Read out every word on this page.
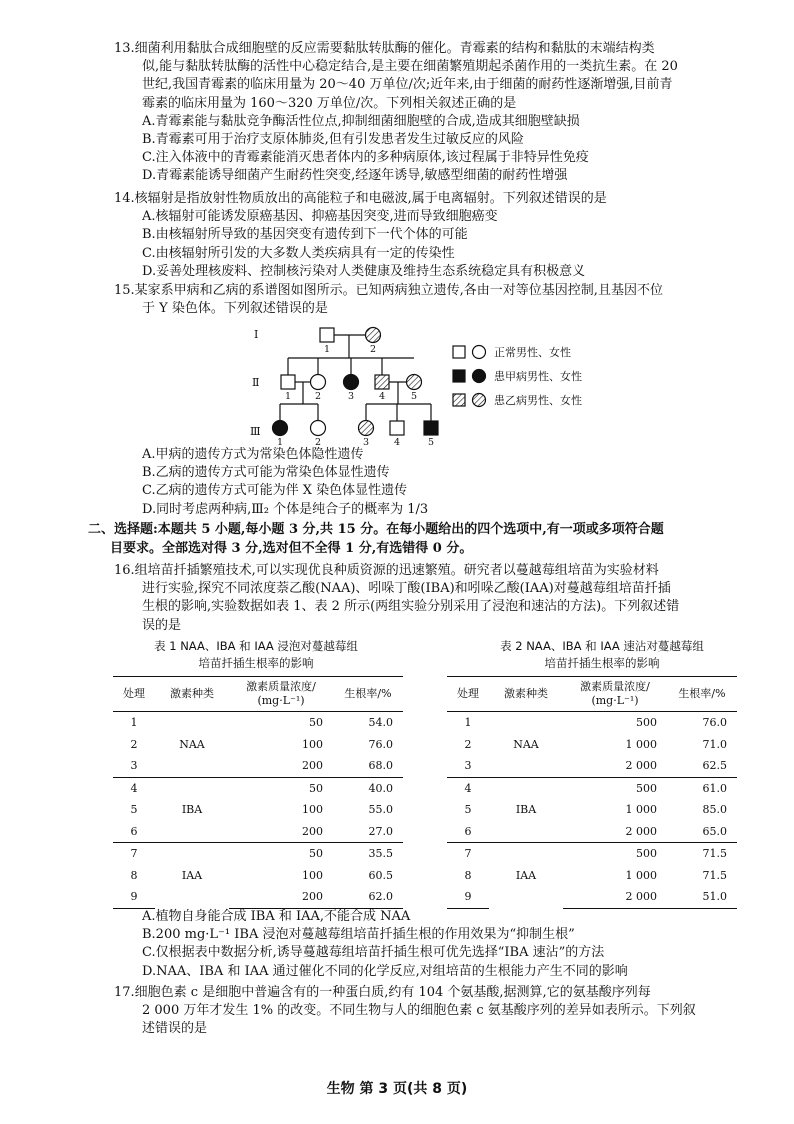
13.细菌利用黏肽合成细胞壁的反应需要黏肽转肽酶的催化。青霉素的结构和黏肽的末端结构类

似,能与黏肽转肽酶的活性中心稳定结合,是主要在细菌繁殖期起杀菌作用的一类抗生素。在 20

世纪,我国青霉素的临床用量为 20～40 万单位/次;近年来,由于细菌的耐药性逐渐增强,目前青

霉素的临床用量为 160～320 万单位/次。下列相关叙述正确的是

A.青霉素能与黏肽竞争酶活性位点,抑制细菌细胞壁的合成,造成其细胞壁缺损

B.青霉素可用于治疗支原体肺炎,但有引发患者发生过敏反应的风险

C.注入体液中的青霉素能消灭患者体内的多种病原体,该过程属于非特异性免疫

D.青霉素能诱导细菌产生耐药性突变,经逐年诱导,敏感型细菌的耐药性增强

14.核辐射是指放射性物质放出的高能粒子和电磁波,属于电离辐射。下列叙述错误的是

A.核辐射可能诱发原癌基因、抑癌基因突变,进而导致细胞癌变

B.由核辐射所导致的基因突变有遗传到下一代个体的可能

C.由核辐射所引发的大多数人类疾病具有一定的传染性

D.妥善处理核废料、控制核污染对人类健康及维持生态系统稳定具有积极意义

15.某家系甲病和乙病的系谱图如图所示。已知两病独立遗传,各由一对等位基因控制,且基因不位

于 Y 染色体。下列叙述错误的是

Ⅰ
Ⅱ
Ⅲ
1	2
1	2	3	4	5
1	2	3	4	5
正常男性、女性
患甲病男性、女性
患乙病男性、女性

A.甲病的遗传方式为常染色体隐性遗传

B.乙病的遗传方式可能为常染色体显性遗传

C.乙病的遗传方式可能为伴 X 染色体显性遗传

D.同时考虑两种病,Ⅲ₂ 个体是纯合子的概率为 1/3

二、选择题:本题共 5 小题,每小题 3 分,共 15 分。在每小题给出的四个选项中,有一项或多项符合题

目要求。全部选对得 3 分,选对但不全得 1 分,有选错得 0 分。

16.组培苗扦插繁殖技术,可以实现优良种质资源的迅速繁殖。研究者以蔓越莓组培苗为实验材料

进行实验,探究不同浓度萘乙酸(NAA)、吲哚丁酸(IBA)和吲哚乙酸(IAA)对蔓越莓组培苗扦插

生根的影响,实验数据如表 1、表 2 所示(两组实验分别采用了浸泡和速沾的方法)。下列叙述错

误的是

表 1 NAA、IBA 和 IAA 浸泡对蔓越莓组
培苗扦插生根率的影响
处理	激素种类	激素质量浓度/
(mg·L⁻¹)	生根率/%
1	NAA	50	54.0
2		100	76.0
3		200	68.0
4	IBA	50	40.0
5		100	55.0
6		200	27.0
7	IAA	50	35.5
8		100	60.5
9		200	62.0
表 2 NAA、IBA 和 IAA 速沾对蔓越莓组
培苗扦插生根率的影响
处理	激素种类	激素质量浓度/
(mg·L⁻¹)	生根率/%
1	NAA	500	76.0
2		1 000	71.0
3		2 000	62.5
4	IBA	500	61.0
5		1 000	85.0
6		2 000	65.0
7	IAA	500	71.5
8		1 000	71.5
9		2 000	51.0

A.植物自身能合成 IBA 和 IAA,不能合成 NAA

B.200 mg·L⁻¹ IBA 浸泡对蔓越莓组培苗扦插生根的作用效果为“抑制生根”

C.仅根据表中数据分析,诱导蔓越莓组培苗扦插生根可优先选择“IBA 速沾”的方法

D.NAA、IBA 和 IAA 通过催化不同的化学反应,对组培苗的生根能力产生不同的影响

17.细胞色素 c 是细胞中普遍含有的一种蛋白质,约有 104 个氨基酸,据测算,它的氨基酸序列每

2 000 万年才发生 1% 的改变。不同生物与人的细胞色素 c 氨基酸序列的差异如表所示。下列叙

述错误的是

生物 第 3 页(共 8 页)
